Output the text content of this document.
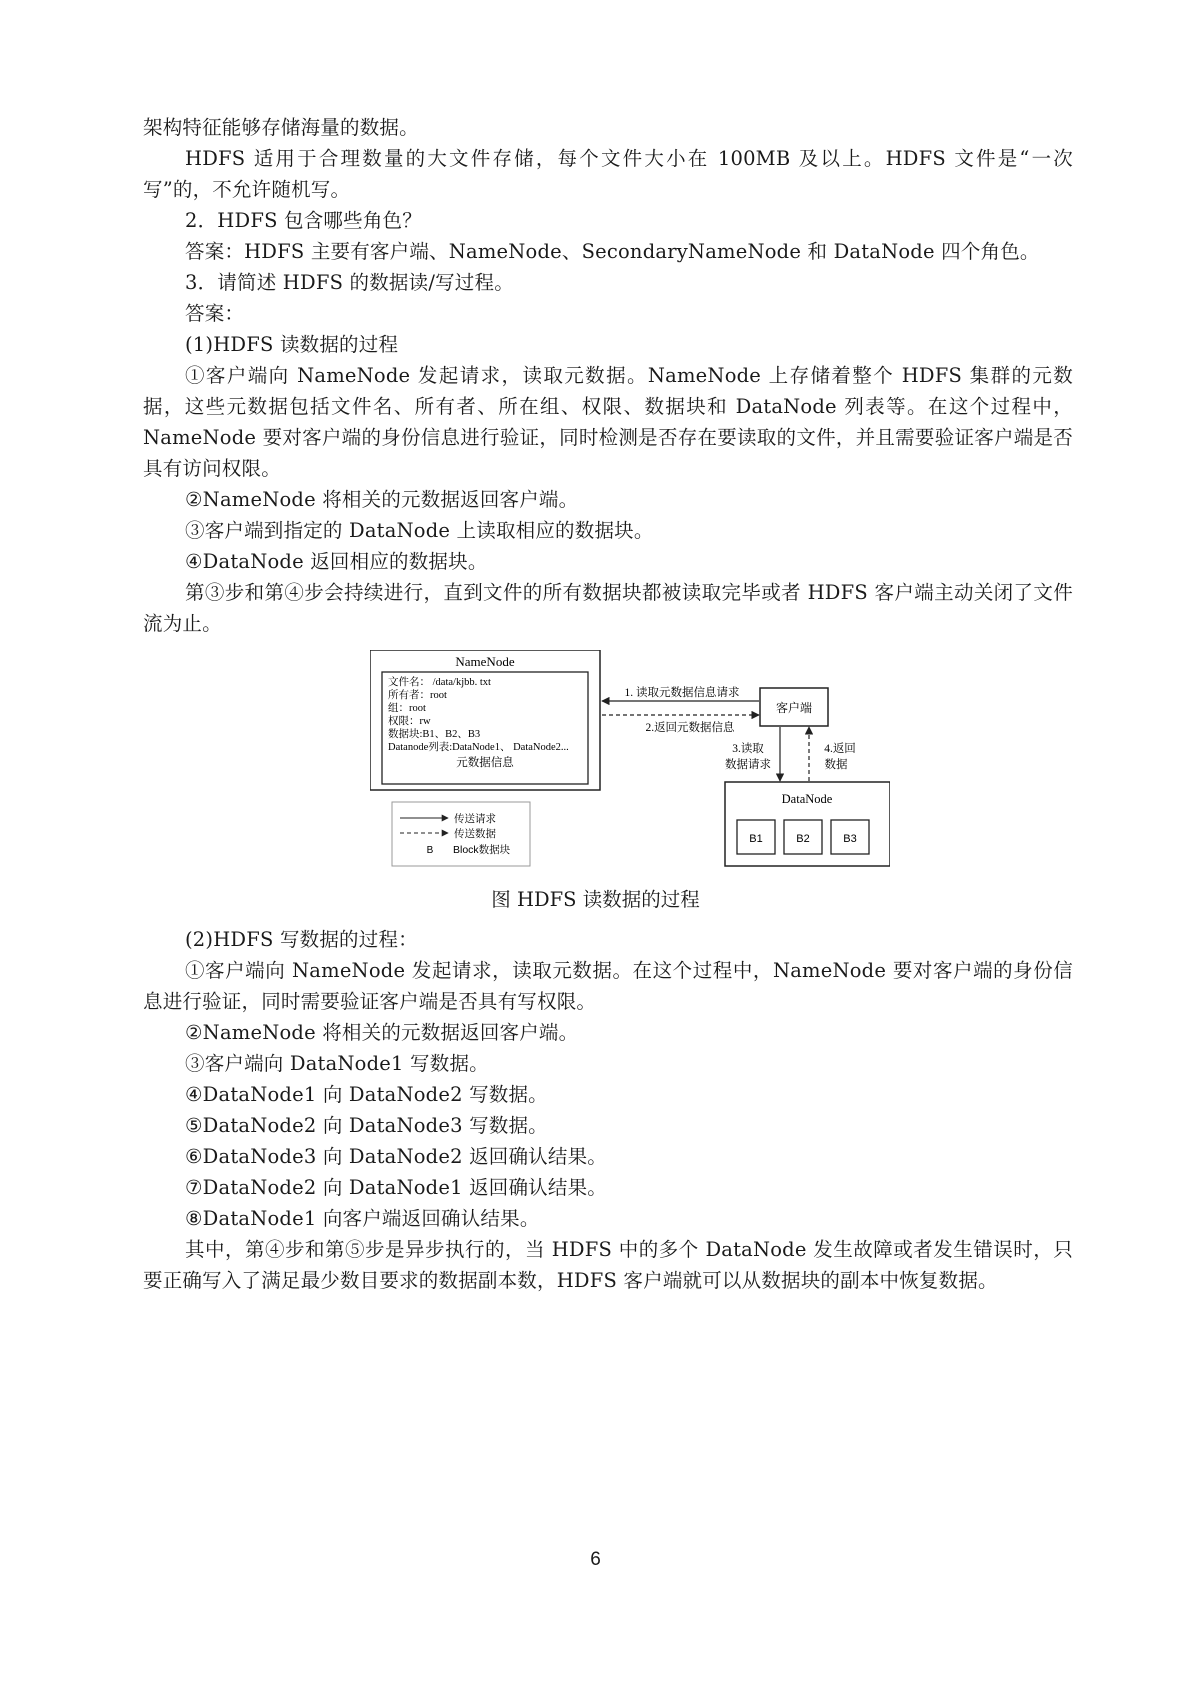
架构特征能够存储海量的数据。

HDFS 适用于合理数量的大文件存储，每个文件大小在 100MB 及以上。HDFS 文件是“一次写”的，不允许随机写。

2．HDFS 包含哪些角色？

答案：HDFS 主要有客户端、NameNode、SecondaryNameNode 和 DataNode 四个角色。

3．请简述 HDFS 的数据读/写过程。

答案：

(1)HDFS 读数据的过程

①客户端向 NameNode 发起请求，读取元数据。NameNode 上存储着整个 HDFS 集群的元数据，这些元数据包括文件名、所有者、所在组、权限、数据块和 DataNode 列表等。在这个过程中，NameNode 要对客户端的身份信息进行验证，同时检测是否存在要读取的文件，并且需要验证客户端是否具有访问权限。

②NameNode 将相关的元数据返回客户端。

③客户端到指定的 DataNode 上读取相应的数据块。

④DataNode 返回相应的数据块。

第③步和第④步会持续进行，直到文件的所有数据块都被读取完毕或者 HDFS 客户端主动关闭了文件流为止。

NameNode
文件名： /data/kjbb. txt
所有者：root
组：root
权限：rw
数据块:B1、B2、B3
Datanode列表:DataNode1、 DataNode2...
元数据信息
客户端
1. 读取元数据信息请求
2.返回元数据信息
3.读取
数据请求
4.返回
数据
DataNode
B1	B2	B3
传送请求
传送数据
B Block数据块
图 HDFS 读数据的过程

(2)HDFS 写数据的过程：

①客户端向 NameNode 发起请求，读取元数据。在这个过程中，NameNode 要对客户端的身份信息进行验证，同时需要验证客户端是否具有写权限。

②NameNode 将相关的元数据返回客户端。

③客户端向 DataNode1 写数据。

④DataNode1 向 DataNode2 写数据。

⑤DataNode2 向 DataNode3 写数据。

⑥DataNode3 向 DataNode2 返回确认结果。

⑦DataNode2 向 DataNode1 返回确认结果。

⑧DataNode1 向客户端返回确认结果。

其中，第④步和第⑤步是异步执行的，当 HDFS 中的多个 DataNode 发生故障或者发生错误时，只要正确写入了满足最少数目要求的数据副本数，HDFS 客户端就可以从数据块的副本中恢复数据。

6
